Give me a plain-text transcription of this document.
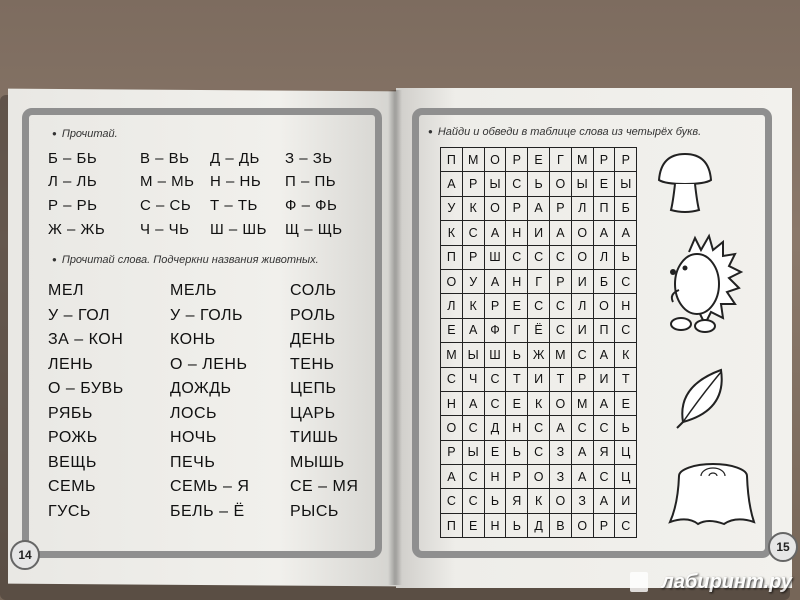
● Прочитай.
Б – БЬ	В – ВЬ Д – ДЬ З – ЗЬ
Л – ЛЬ	М – МЬ Н – НЬ П – ПЬ
Р – РЬ	С – СЬ Т – ТЬ Ф – ФЬ
Ж – ЖЬ Ч – ЧЬ Ш – ШЬ Щ – ЩЬ
● Прочитай слова. Подчеркни названия животных.
МЕЛ	МЕЛЬ	СОЛЬ
У – ГОЛ	У – ГОЛЬ	РОЛЬ
ЗА – КОН	КОНЬ	ДЕНЬ
ЛЕНЬ	О – ЛЕНЬ	ТЕНЬ
О – БУВЬ	ДОЖДЬ	ЦЕПЬ
РЯБЬ	ЛОСЬ	ЦАРЬ
РОЖЬ	НОЧЬ	ТИШЬ
ВЕЩЬ	ПЕЧЬ	МЫШЬ
СЕМЬ	СЕМЬ – Я	СЕ – МЯ
ГУСЬ	БЕЛЬ – Ё	РЫСЬ
14
● Найди и обведи в таблице слова из четырёх букв.
П М О	Р	Е	Г	М Р	Р
А	Р Ы С	Ь	О Ы Е Ы
У	К	О	Р	А	Р	Л	П	Б
К	С	А	Н	И	А	О	А	А
П	Р Ш С	С	С О	Л	Ь
О	У	А	Н	Г	Р	И	Б	С
Л	К	Р	Е	С	С	Л	О Н
Е	А	Ф	Г	Ё	С	И	П	С
М Ы Ш Ь Ж М С	А	К
С	Ч	С	Т	И	Т	Р	И	Т
Н	А	С	Е	К	О М А	Е
О С	Д	Н	С	А	С	С	Ь
Р Ы Е	Ь	С	З	А	Я	Ц
А	С	Н	Р	О	З	А	С	Ц
С	С	Ь	Я	К	О	З	А	И
П	Е	Н	Ь	Д	В	О	Р	С
15
лабиринт.ру
